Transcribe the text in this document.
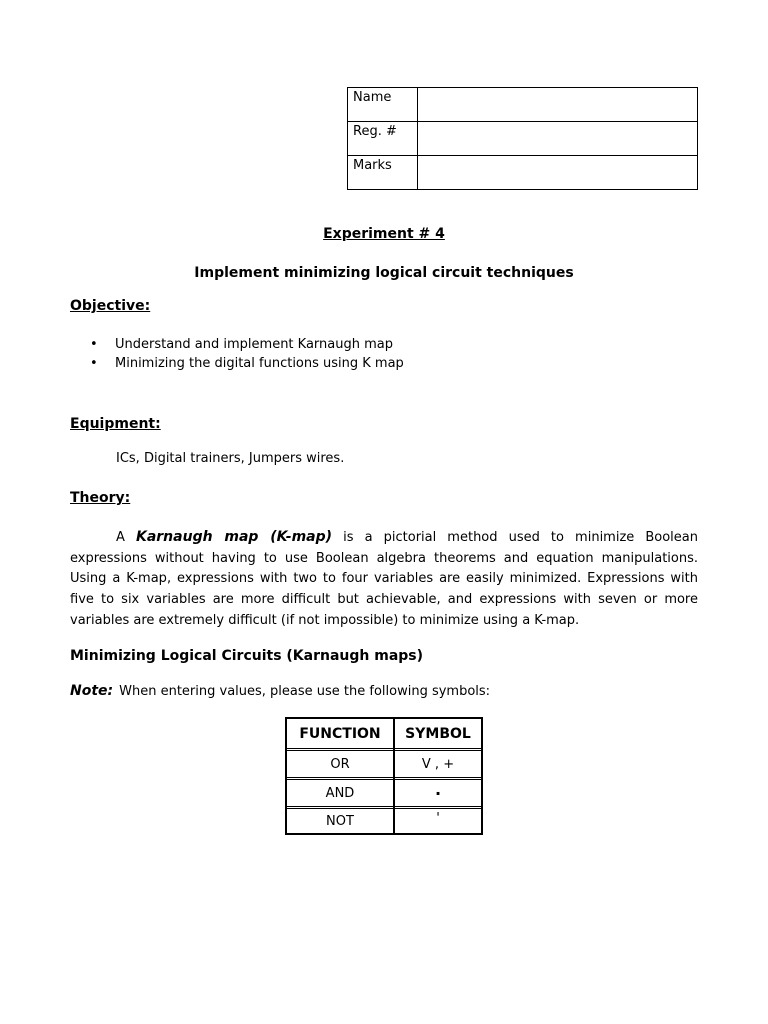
Name	
Reg. #	
Marks	
Experiment # 4
Implement minimizing logical circuit techniques
Objective:
• Understand and implement Karnaugh map
• Minimizing the digital functions using K map
Equipment:
ICs, Digital trainers, Jumpers wires.
Theory:

A Karnaugh map (K-map) is a pictorial method used to minimize Boolean expressions without having to use Boolean algebra theorems and equation manipulations. Using a K-map, expressions with two to four variables are easily minimized. Expressions with five to six variables are more difficult but achievable, and expressions with seven or more variables are extremely difficult (if not impossible) to minimize using a K-map.

Minimizing Logical Circuits (Karnaugh maps)
Note: When entering values, please use the following symbols:
FUNCTION	SYMBOL
OR	V , +
AND	·
NOT	'
